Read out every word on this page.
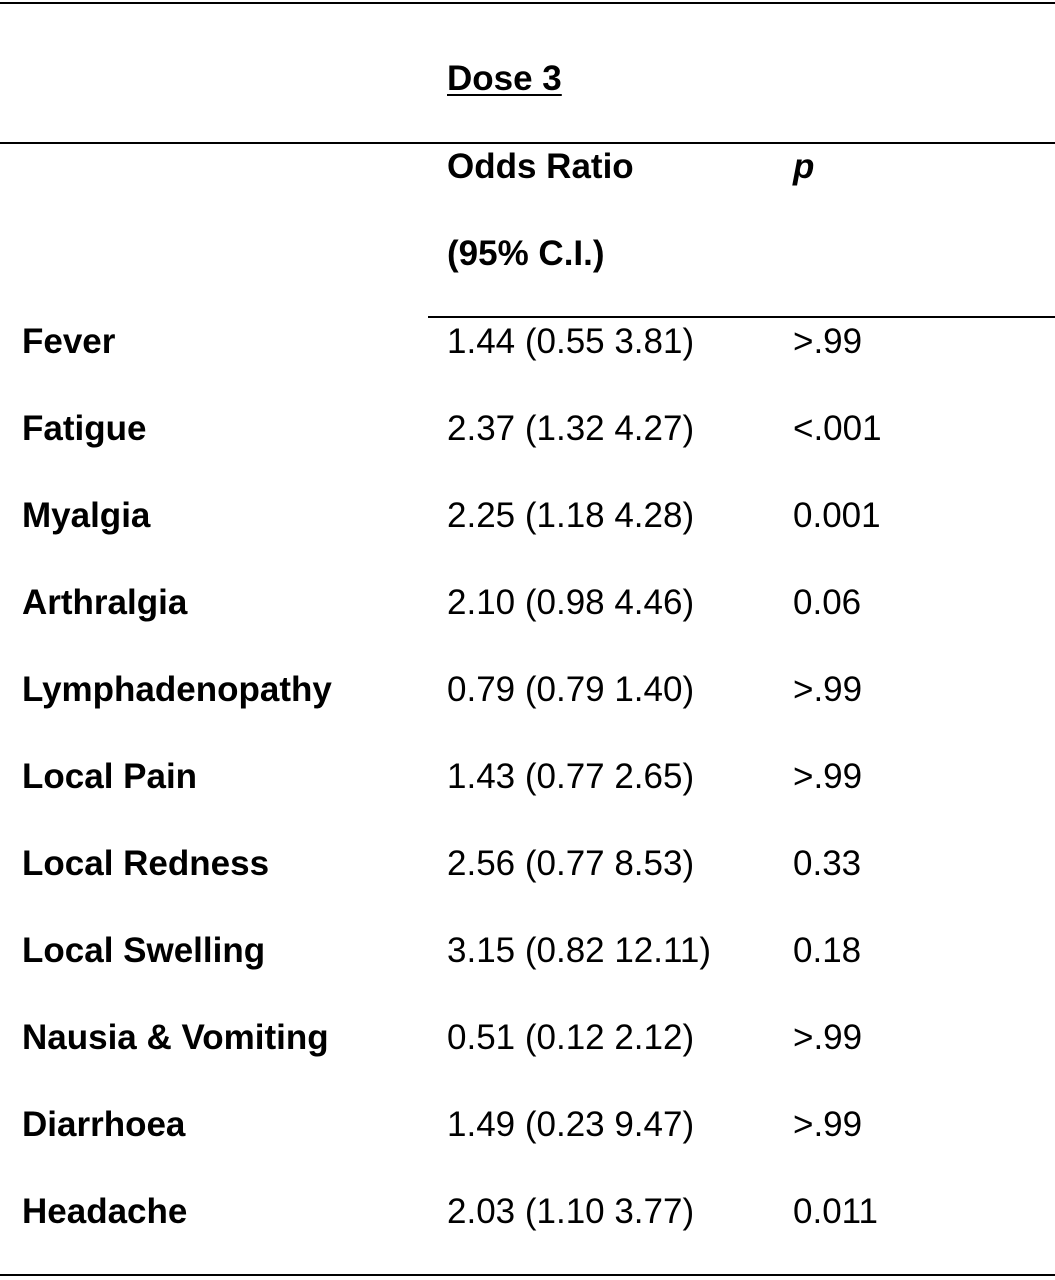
Dose 3
Odds Ratio	p
(95% C.I.)
Fever	1.44 (0.55 3.81)	>.99
Fatigue	2.37 (1.32 4.27)	<.001
Myalgia	2.25 (1.18 4.28)	0.001
Arthralgia	2.10 (0.98 4.46)	0.06
Lymphadenopathy	0.79 (0.79 1.40)	>.99
Local Pain	1.43 (0.77 2.65)	>.99
Local Redness	2.56 (0.77 8.53)	0.33
Local Swelling	3.15 (0.82 12.11) 0.18
Nausia & Vomiting	0.51 (0.12 2.12)	>.99
Diarrhoea	1.49 (0.23 9.47)	>.99
Headache	2.03 (1.10 3.77)	0.011
